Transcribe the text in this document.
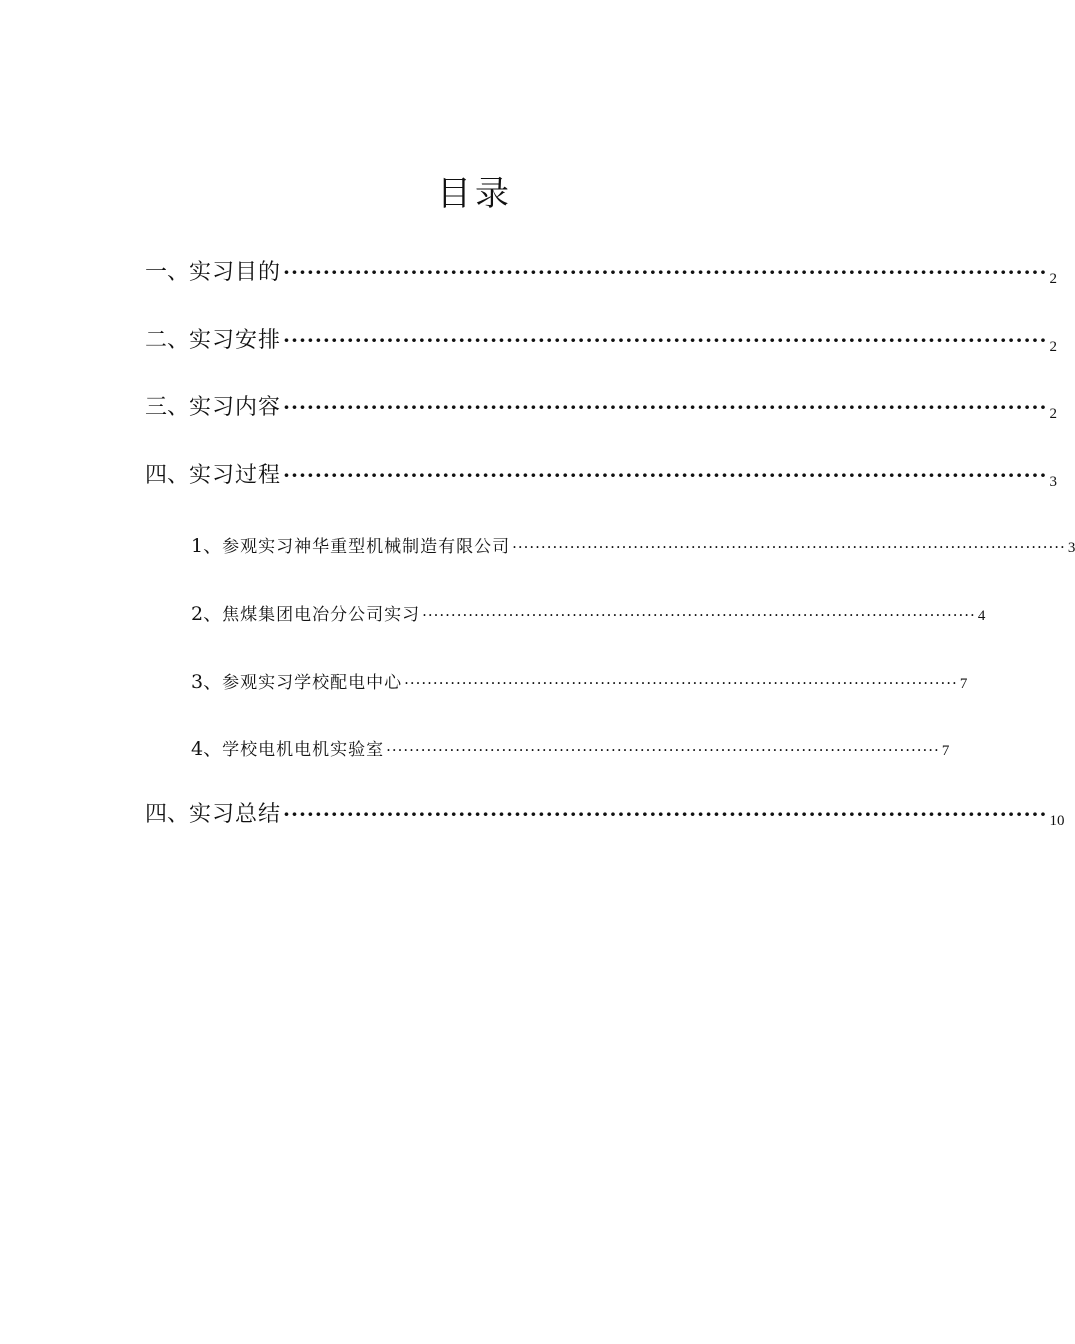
目录
一、 实习目的 ································································································ 2
二、 实习安排 ································································································ 2
三、 实习内容 ································································································ 2
四、 实习过程 ································································································ 3
1、 参观实习神华重型机械制造有限公司 ································································································ 3
2、 焦煤集团电冶分公司实习 ································································································ 4
3、 参观实习学校配电中心 ································································································ 7
4、 学校电机电机实验室 ································································································ 7
四、 实习总结 ································································································ 10
